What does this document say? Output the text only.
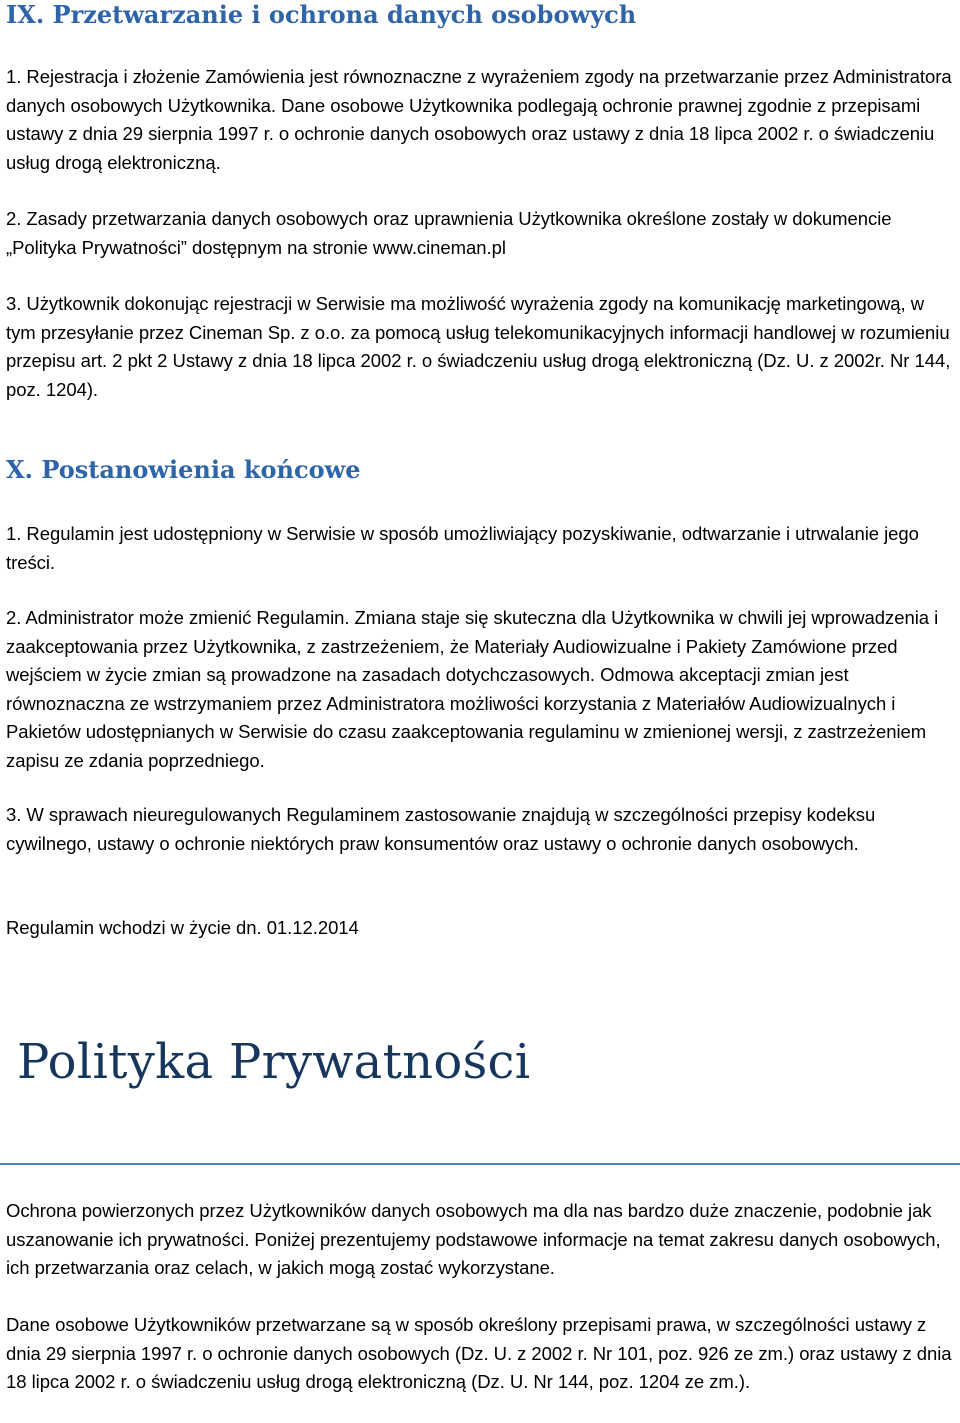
IX. Przetwarzanie i ochrona danych osobowych

1. Rejestracja i złożenie Zamówienia jest równoznaczne z wyrażeniem zgody na przetwarzanie przez Administratora danych osobowych Użytkownika. Dane osobowe Użytkownika podlegają ochronie prawnej zgodnie z przepisami ustawy z dnia 29 sierpnia 1997 r. o ochronie danych osobowych oraz ustawy z dnia 18 lipca 2002 r. o świadczeniu usług drogą elektroniczną.

2. Zasady przetwarzania danych osobowych oraz uprawnienia Użytkownika określone zostały w dokumencie „Polityka Prywatności” dostępnym na stronie www.cineman.pl

3. Użytkownik dokonując rejestracji w Serwisie ma możliwość wyrażenia zgody na komunikację marketingową, w tym przesyłanie przez Cineman Sp. z o.o. za pomocą usług telekomunikacyjnych informacji handlowej w rozumieniu przepisu art. 2 pkt 2 Ustawy z dnia 18 lipca 2002 r. o świadczeniu usług drogą elektroniczną (Dz. U. z 2002r. Nr 144, poz. 1204).

X. Postanowienia końcowe

1. Regulamin jest udostępniony w Serwisie w sposób umożliwiający pozyskiwanie, odtwarzanie i utrwalanie jego treści.

2. Administrator może zmienić Regulamin. Zmiana staje się skuteczna dla Użytkownika w chwili jej wprowadzenia i zaakceptowania przez Użytkownika, z zastrzeżeniem, że Materiały Audiowizualne i Pakiety Zamówione przed wejściem w życie zmian są prowadzone na zasadach dotychczasowych. Odmowa akceptacji zmian jest równoznaczna ze wstrzymaniem przez Administratora możliwości korzystania z Materiałów Audiowizualnych i Pakietów udostępnianych w Serwisie do czasu zaakceptowania regulaminu w zmienionej wersji, z zastrzeżeniem zapisu ze zdania poprzedniego.

3. W sprawach nieuregulowanych Regulaminem zastosowanie znajdują w szczególności przepisy kodeksu cywilnego, ustawy o ochronie niektórych praw konsumentów oraz ustawy o ochronie danych osobowych.

Regulamin wchodzi w życie dn. 01.12.2014

Polityka Prywatności

Ochrona powierzonych przez Użytkowników danych osobowych ma dla nas bardzo duże znaczenie, podobnie jak uszanowanie ich prywatności. Poniżej prezentujemy podstawowe informacje na temat zakresu danych osobowych, ich przetwarzania oraz celach, w jakich mogą zostać wykorzystane.

Dane osobowe Użytkowników przetwarzane są w sposób określony przepisami prawa, w szczególności ustawy z dnia 29 sierpnia 1997 r. o ochronie danych osobowych (Dz. U. z 2002 r. Nr 101, poz. 926 ze zm.) oraz ustawy z dnia 18 lipca 2002 r. o świadczeniu usług drogą elektroniczną (Dz. U. Nr 144, poz. 1204 ze zm.).
